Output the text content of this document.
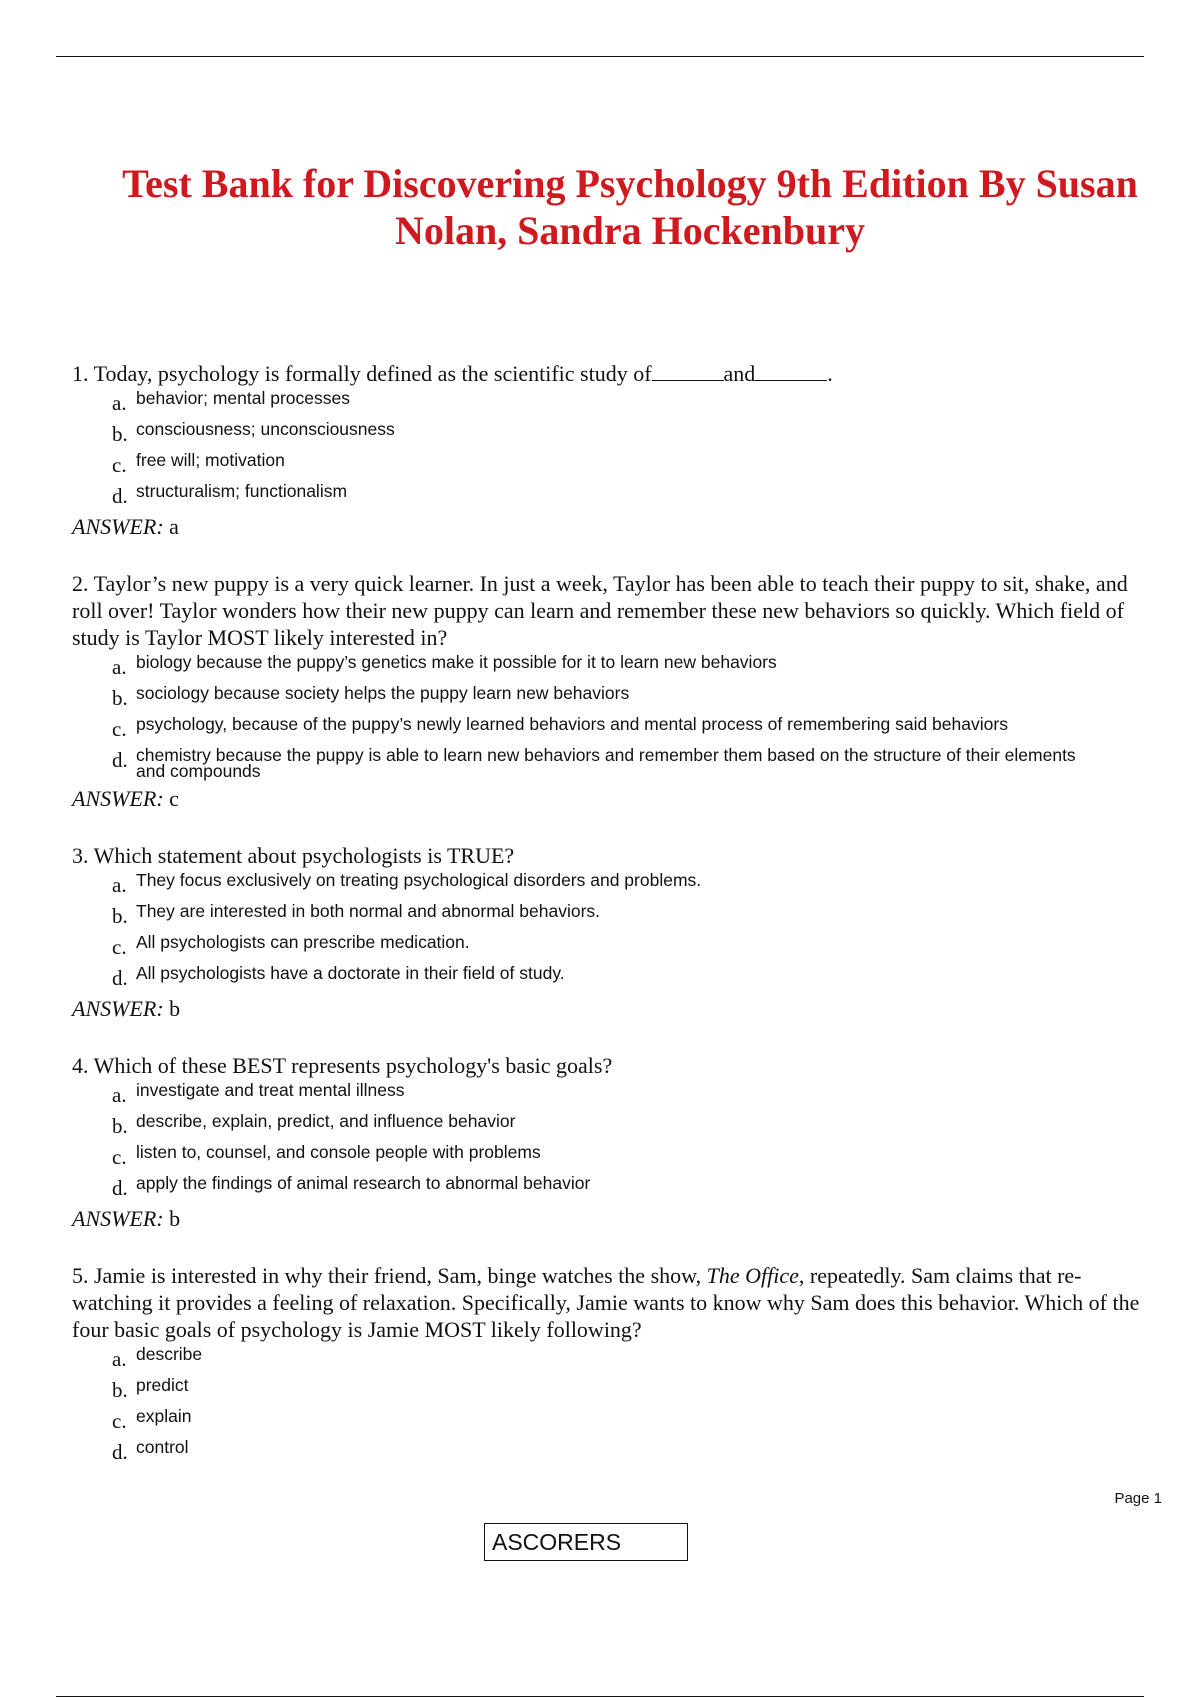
Test Bank for Discovering Psychology 9th Edition By Susan Nolan, Sandra Hockenbury
1. Today, psychology is formally defined as the scientific study of	and	.
a. behavior; mental processes
b. consciousness; unconsciousness
c. free will; motivation
d. structuralism; functionalism
ANSWER: a
2. Taylor’s new puppy is a very quick learner. In just a week, Taylor has been able to teach their puppy to sit, shake, and roll over! Taylor wonders how their new puppy can learn and remember these new behaviors so quickly. Which field of study is Taylor MOST likely interested in?
a. biology because the puppy’s genetics make it possible for it to learn new behaviors
b. sociology because society helps the puppy learn new behaviors
c. psychology, because of the puppy’s newly learned behaviors and mental process of remembering said behaviors
d. chemistry because the puppy is able to learn new behaviors and remember them based on the structure of their elements and compounds
ANSWER: c
3. Which statement about psychologists is TRUE?
a. They focus exclusively on treating psychological disorders and problems.
b. They are interested in both normal and abnormal behaviors.
c. All psychologists can prescribe medication.
d. All psychologists have a doctorate in their field of study.
ANSWER: b
4. Which of these BEST represents psychology's basic goals?
a. investigate and treat mental illness
b. describe, explain, predict, and influence behavior
c. listen to, counsel, and console people with problems
d. apply the findings of animal research to abnormal behavior
ANSWER: b
5. Jamie is interested in why their friend, Sam, binge watches the show, The Office, repeatedly. Sam claims that re-watching it provides a feeling of relaxation. Specifically, Jamie wants to know why Sam does this behavior. Which of the four basic goals of psychology is Jamie MOST likely following?
a. describe
b. predict
c. explain
d. control
Page 1
ASCORERS
